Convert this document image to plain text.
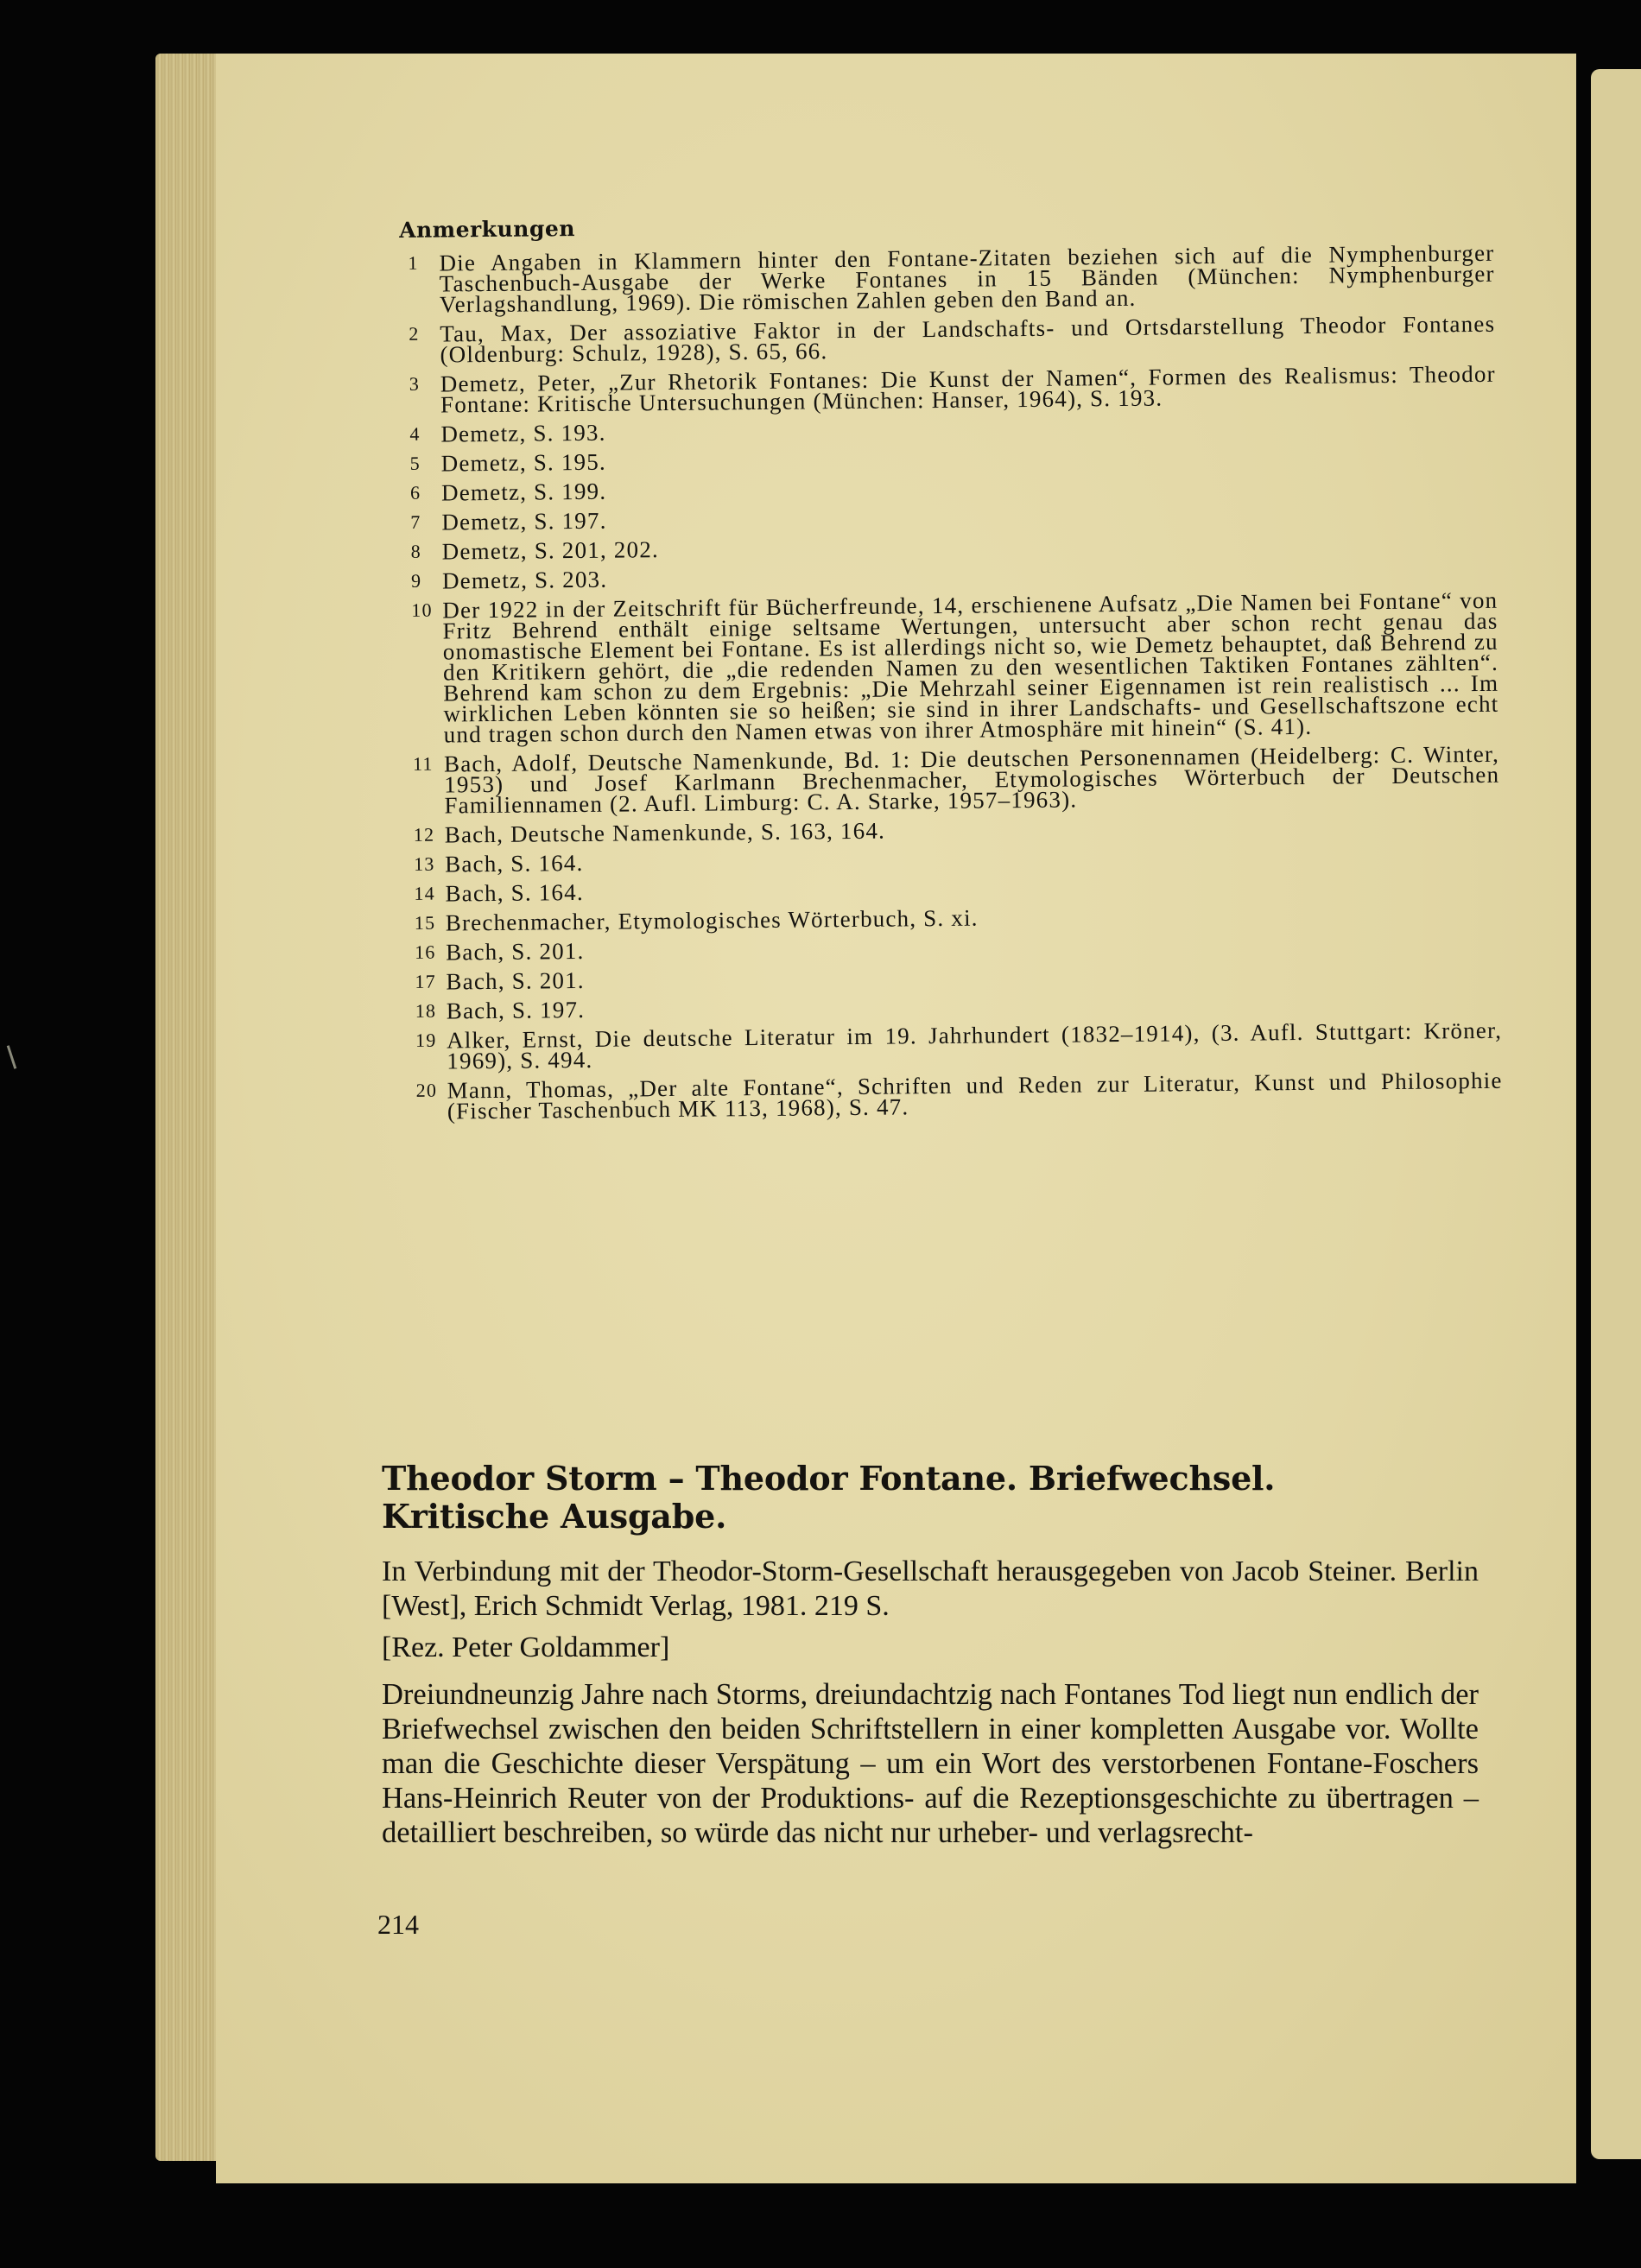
Anmerkungen
1 Die Angaben in Klammern hinter den Fontane-Zitaten beziehen sich auf die Nymphenburger Taschenbuch-Ausgabe der Werke Fontanes in 15 Bänden (München: Nymphenburger Verlagshandlung, 1969). Die römischen Zahlen geben den Band an.
2 Tau, Max, Der assoziative Faktor in der Landschafts- und Ortsdarstellung Theodor Fontanes (Oldenburg: Schulz, 1928), S. 65, 66.
3 Demetz, Peter, „Zur Rhetorik Fontanes: Die Kunst der Namen“, Formen des Realismus: Theodor Fontane: Kritische Untersuchungen (München: Hanser, 1964), S. 193.
4 Demetz, S. 193.
5 Demetz, S. 195.
6 Demetz, S. 199.
7 Demetz, S. 197.
8 Demetz, S. 201, 202.
9 Demetz, S. 203.
10 Der 1922 in der Zeitschrift für Bücherfreunde, 14, erschienene Aufsatz „Die Namen bei Fontane“ von Fritz Behrend enthält einige seltsame Wertungen, untersucht aber schon recht genau das onomastische Element bei Fontane. Es ist allerdings nicht so, wie Demetz behauptet, daß Behrend zu den Kritikern gehört, die „die redenden Namen zu den wesentlichen Taktiken Fontanes zählten“. Behrend kam schon zu dem Ergebnis: „Die Mehrzahl seiner Eigennamen ist rein realistisch ... Im wirklichen Leben könnten sie so heißen; sie sind in ihrer Landschafts- und Gesellschaftszone echt und tragen schon durch den Namen etwas von ihrer Atmosphäre mit hinein“ (S. 41).
11 Bach, Adolf, Deutsche Namenkunde, Bd. 1: Die deutschen Personennamen (Heidelberg: C. Winter, 1953) und Josef Karlmann Brechenmacher, Etymologisches Wörterbuch der Deutschen Familiennamen (2. Aufl. Limburg: C. A. Starke, 1957–1963).
12 Bach, Deutsche Namenkunde, S. 163, 164.
13 Bach, S. 164.
14 Bach, S. 164.
15 Brechenmacher, Etymologisches Wörterbuch, S. xi.
16 Bach, S. 201.
17 Bach, S. 201.
18 Bach, S. 197.
19 Alker, Ernst, Die deutsche Literatur im 19. Jahrhundert (1832–1914), (3. Aufl. Stuttgart: Kröner, 1969), S. 494.
20 Mann, Thomas, „Der alte Fontane“, Schriften und Reden zur Literatur, Kunst und Philosophie (Fischer Taschenbuch MK 113, 1968), S. 47.
Theodor Storm – Theodor Fontane. Briefwechsel.
Kritische Ausgabe.
In Verbindung mit der Theodor-Storm-Gesellschaft herausgegeben von Jacob Steiner. Berlin [West], Erich Schmidt Verlag, 1981. 219 S.
[Rez. Peter Goldammer]
Dreiundneunzig Jahre nach Storms, dreiundachtzig nach Fontanes Tod liegt nun endlich der Briefwechsel zwischen den beiden Schriftstellern in einer kompletten Ausgabe vor. Wollte man die Geschichte dieser Verspätung – um ein Wort des verstorbenen Fontane-Foschers Hans-Heinrich Reuter von der Produktions- auf die Rezeptionsgeschichte zu übertragen – detailliert beschreiben, so würde das nicht nur urheber- und verlagsrecht-
214
